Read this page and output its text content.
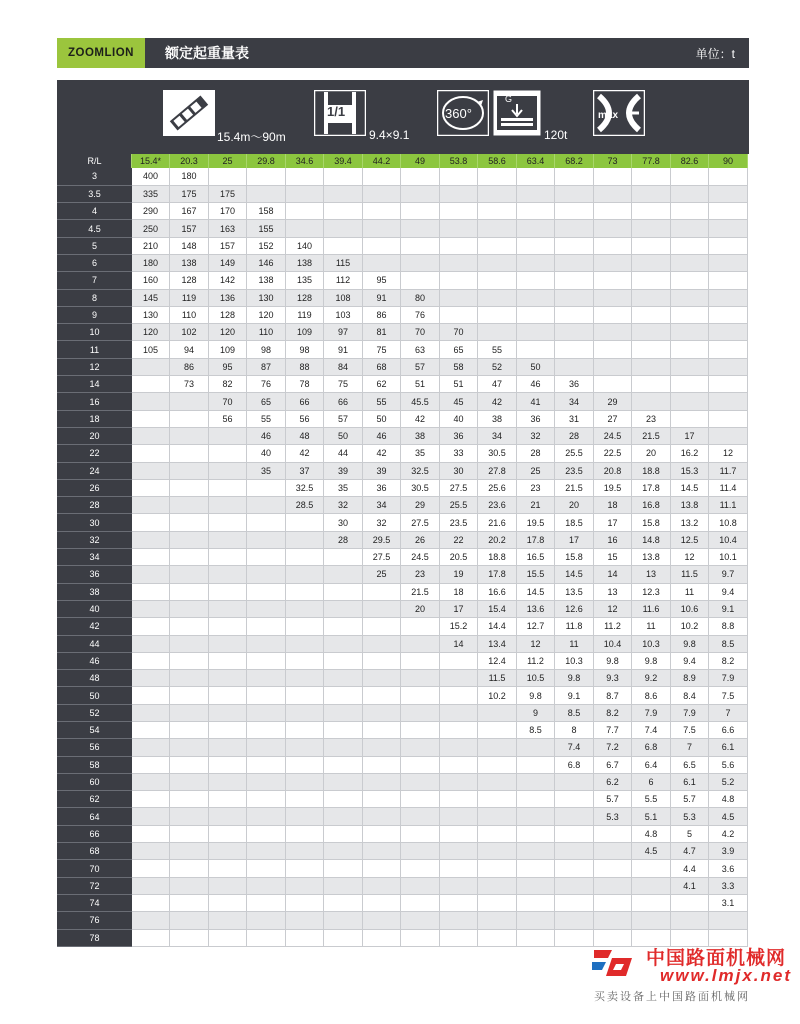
ZOOMLION	额定起重量表	单位：t
15.4m～90m
1/1
9.4×9.1
360°
G
120t
max
R/L	15.4*	20.3	25	29.8	34.6	39.4	44.2	49	53.8	58.6	63.4	68.2	73	77.8	82.6	90
3	400	180														
3.5	335	175	175													
4	290	167	170	158												
4.5	250	157	163	155												
5	210	148	157	152	140											
6	180	138	149	146	138	115										
7	160	128	142	138	135	112	95									
8	145	119	136	130	128	108	91	80								
9	130	110	128	120	119	103	86	76								
10	120	102	120	110	109	97	81	70	70							
11	105	94	109	98	98	91	75	63	65	55						
12		86	95	87	88	84	68	57	58	52	50					
14		73	82	76	78	75	62	51	51	47	46	36				
16			70	65	66	66	55	45.5	45	42	41	34	29			
18			56	55	56	57	50	42	40	38	36	31	27	23		
20				46	48	50	46	38	36	34	32	28	24.5	21.5	17	
22				40	42	44	42	35	33	30.5	28	25.5	22.5	20	16.2	12
24				35	37	39	39	32.5	30	27.8	25	23.5	20.8	18.8	15.3	11.7
26					32.5	35	36	30.5	27.5	25.6	23	21.5	19.5	17.8	14.5	11.4
28					28.5	32	34	29	25.5	23.6	21	20	18	16.8	13.8	11.1
30						30	32	27.5	23.5	21.6	19.5	18.5	17	15.8	13.2	10.8
32						28	29.5	26	22	20.2	17.8	17	16	14.8	12.5	10.4
34							27.5	24.5	20.5	18.8	16.5	15.8	15	13.8	12	10.1
36							25	23	19	17.8	15.5	14.5	14	13	11.5	9.7
38								21.5	18	16.6	14.5	13.5	13	12.3	11	9.4
40								20	17	15.4	13.6	12.6	12	11.6	10.6	9.1
42									15.2	14.4	12.7	11.8	11.2	11	10.2	8.8
44									14	13.4	12	11	10.4	10.3	9.8	8.5
46										12.4	11.2	10.3	9.8	9.8	9.4	8.2
48										11.5	10.5	9.8	9.3	9.2	8.9	7.9
50										10.2	9.8	9.1	8.7	8.6	8.4	7.5
52											9	8.5	8.2	7.9	7.9	7
54											8.5	8	7.7	7.4	7.5	6.6
56												7.4	7.2	6.8	7	6.1
58												6.8	6.7	6.4	6.5	5.6
60													6.2	6	6.1	5.2
62													5.7	5.5	5.7	4.8
64													5.3	5.1	5.3	4.5
66														4.8	5	4.2
68														4.5	4.7	3.9
70															4.4	3.6
72															4.1	3.3
74																3.1
76																
78																
中国路面机械网
www.lmjx.net
买卖设备上中国路面机械网
